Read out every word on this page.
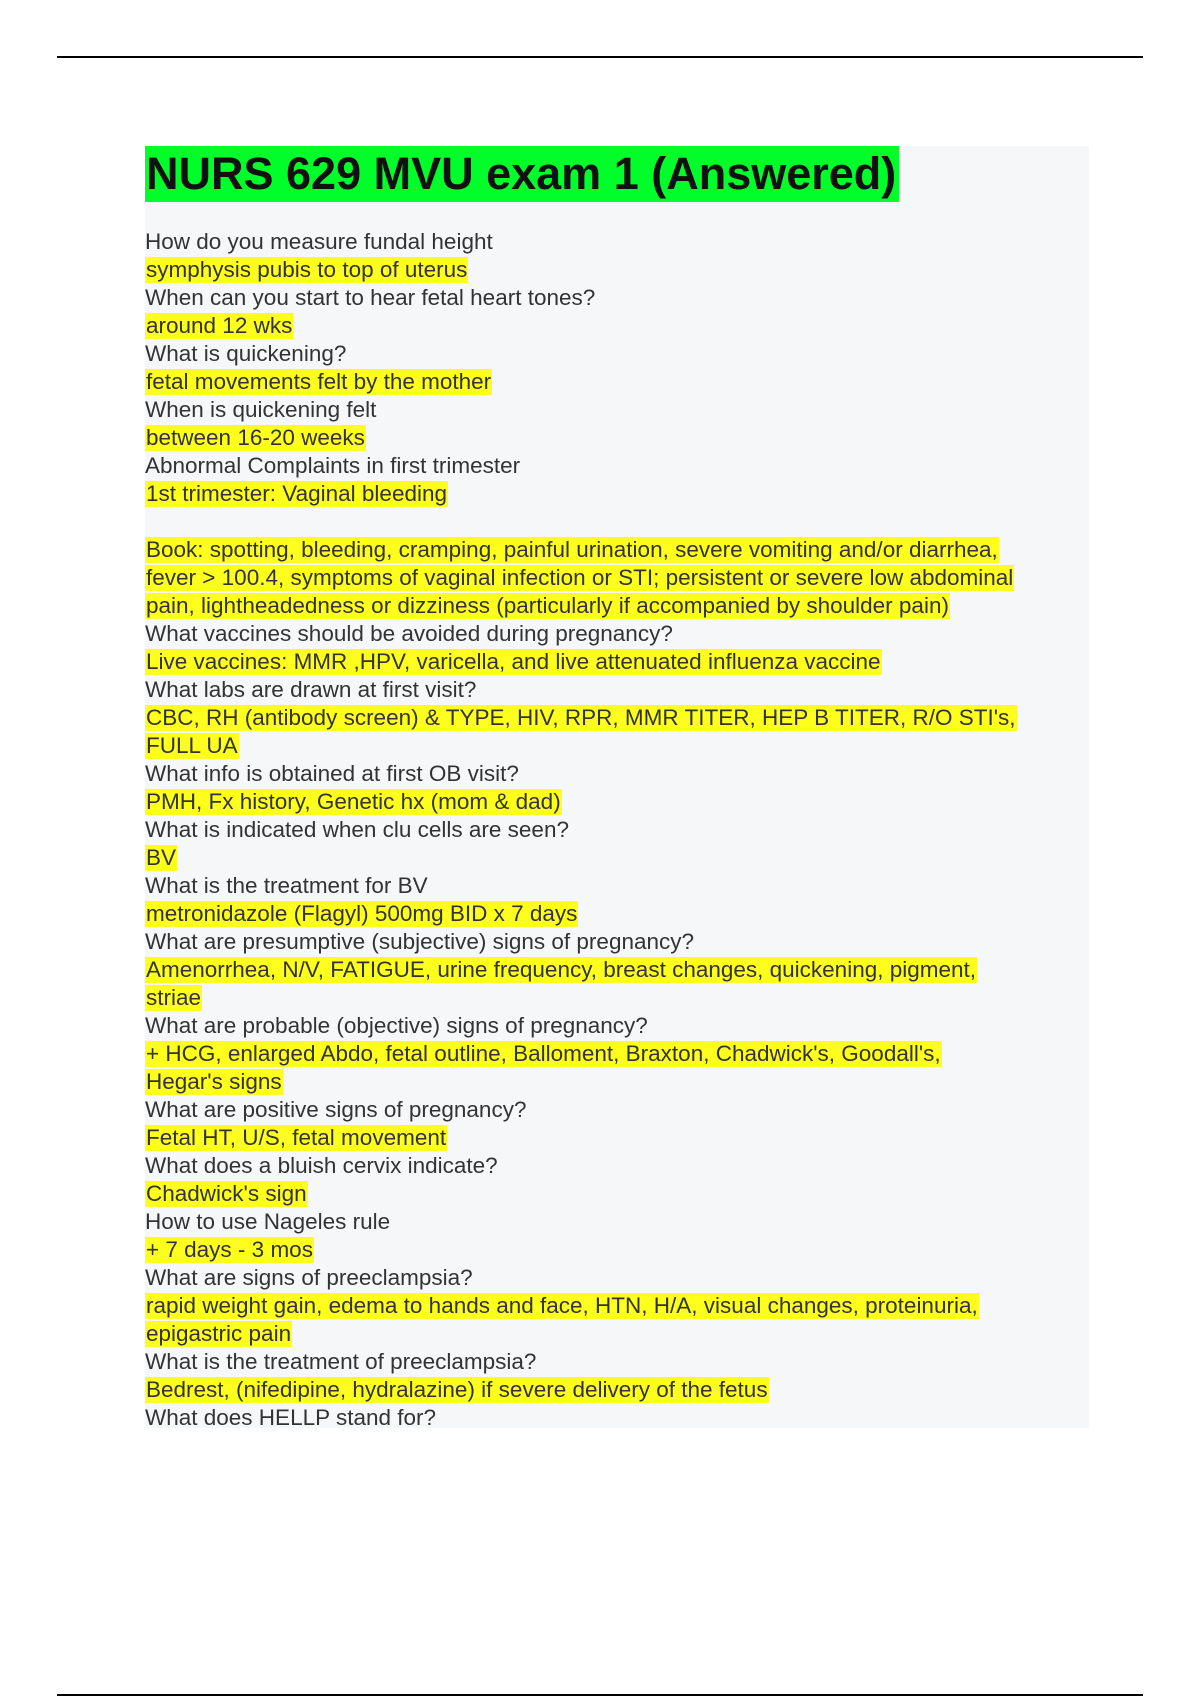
NURS 629 MVU exam 1 (Answered)
How do you measure fundal height
symphysis pubis to top of uterus
When can you start to hear fetal heart tones?
around 12 wks
What is quickening?
fetal movements felt by the mother
When is quickening felt
between 16-20 weeks
Abnormal Complaints in first trimester
1st trimester: Vaginal bleeding
Book: spotting, bleeding, cramping, painful urination, severe vomiting and/or diarrhea,
fever > 100.4, symptoms of vaginal infection or STI; persistent or severe low abdominal
pain, lightheadedness or dizziness (particularly if accompanied by shoulder pain)
What vaccines should be avoided during pregnancy?
Live vaccines: MMR ,HPV, varicella, and live attenuated influenza vaccine
What labs are drawn at first visit?
CBC, RH (antibody screen) & TYPE, HIV, RPR, MMR TITER, HEP B TITER, R/O STI's,
FULL UA
What info is obtained at first OB visit?
PMH, Fx history, Genetic hx (mom & dad)
What is indicated when clu cells are seen?
BV
What is the treatment for BV
metronidazole (Flagyl) 500mg BID x 7 days
What are presumptive (subjective) signs of pregnancy?
Amenorrhea, N/V, FATIGUE, urine frequency, breast changes, quickening, pigment,
striae
What are probable (objective) signs of pregnancy?
+ HCG, enlarged Abdo, fetal outline, Balloment, Braxton, Chadwick's, Goodall's,
Hegar's signs
What are positive signs of pregnancy?
Fetal HT, U/S, fetal movement
What does a bluish cervix indicate?
Chadwick's sign
How to use Nageles rule
+ 7 days - 3 mos
What are signs of preeclampsia?
rapid weight gain, edema to hands and face, HTN, H/A, visual changes, proteinuria,
epigastric pain
What is the treatment of preeclampsia?
Bedrest, (nifedipine, hydralazine) if severe delivery of the fetus
What does HELLP stand for?
